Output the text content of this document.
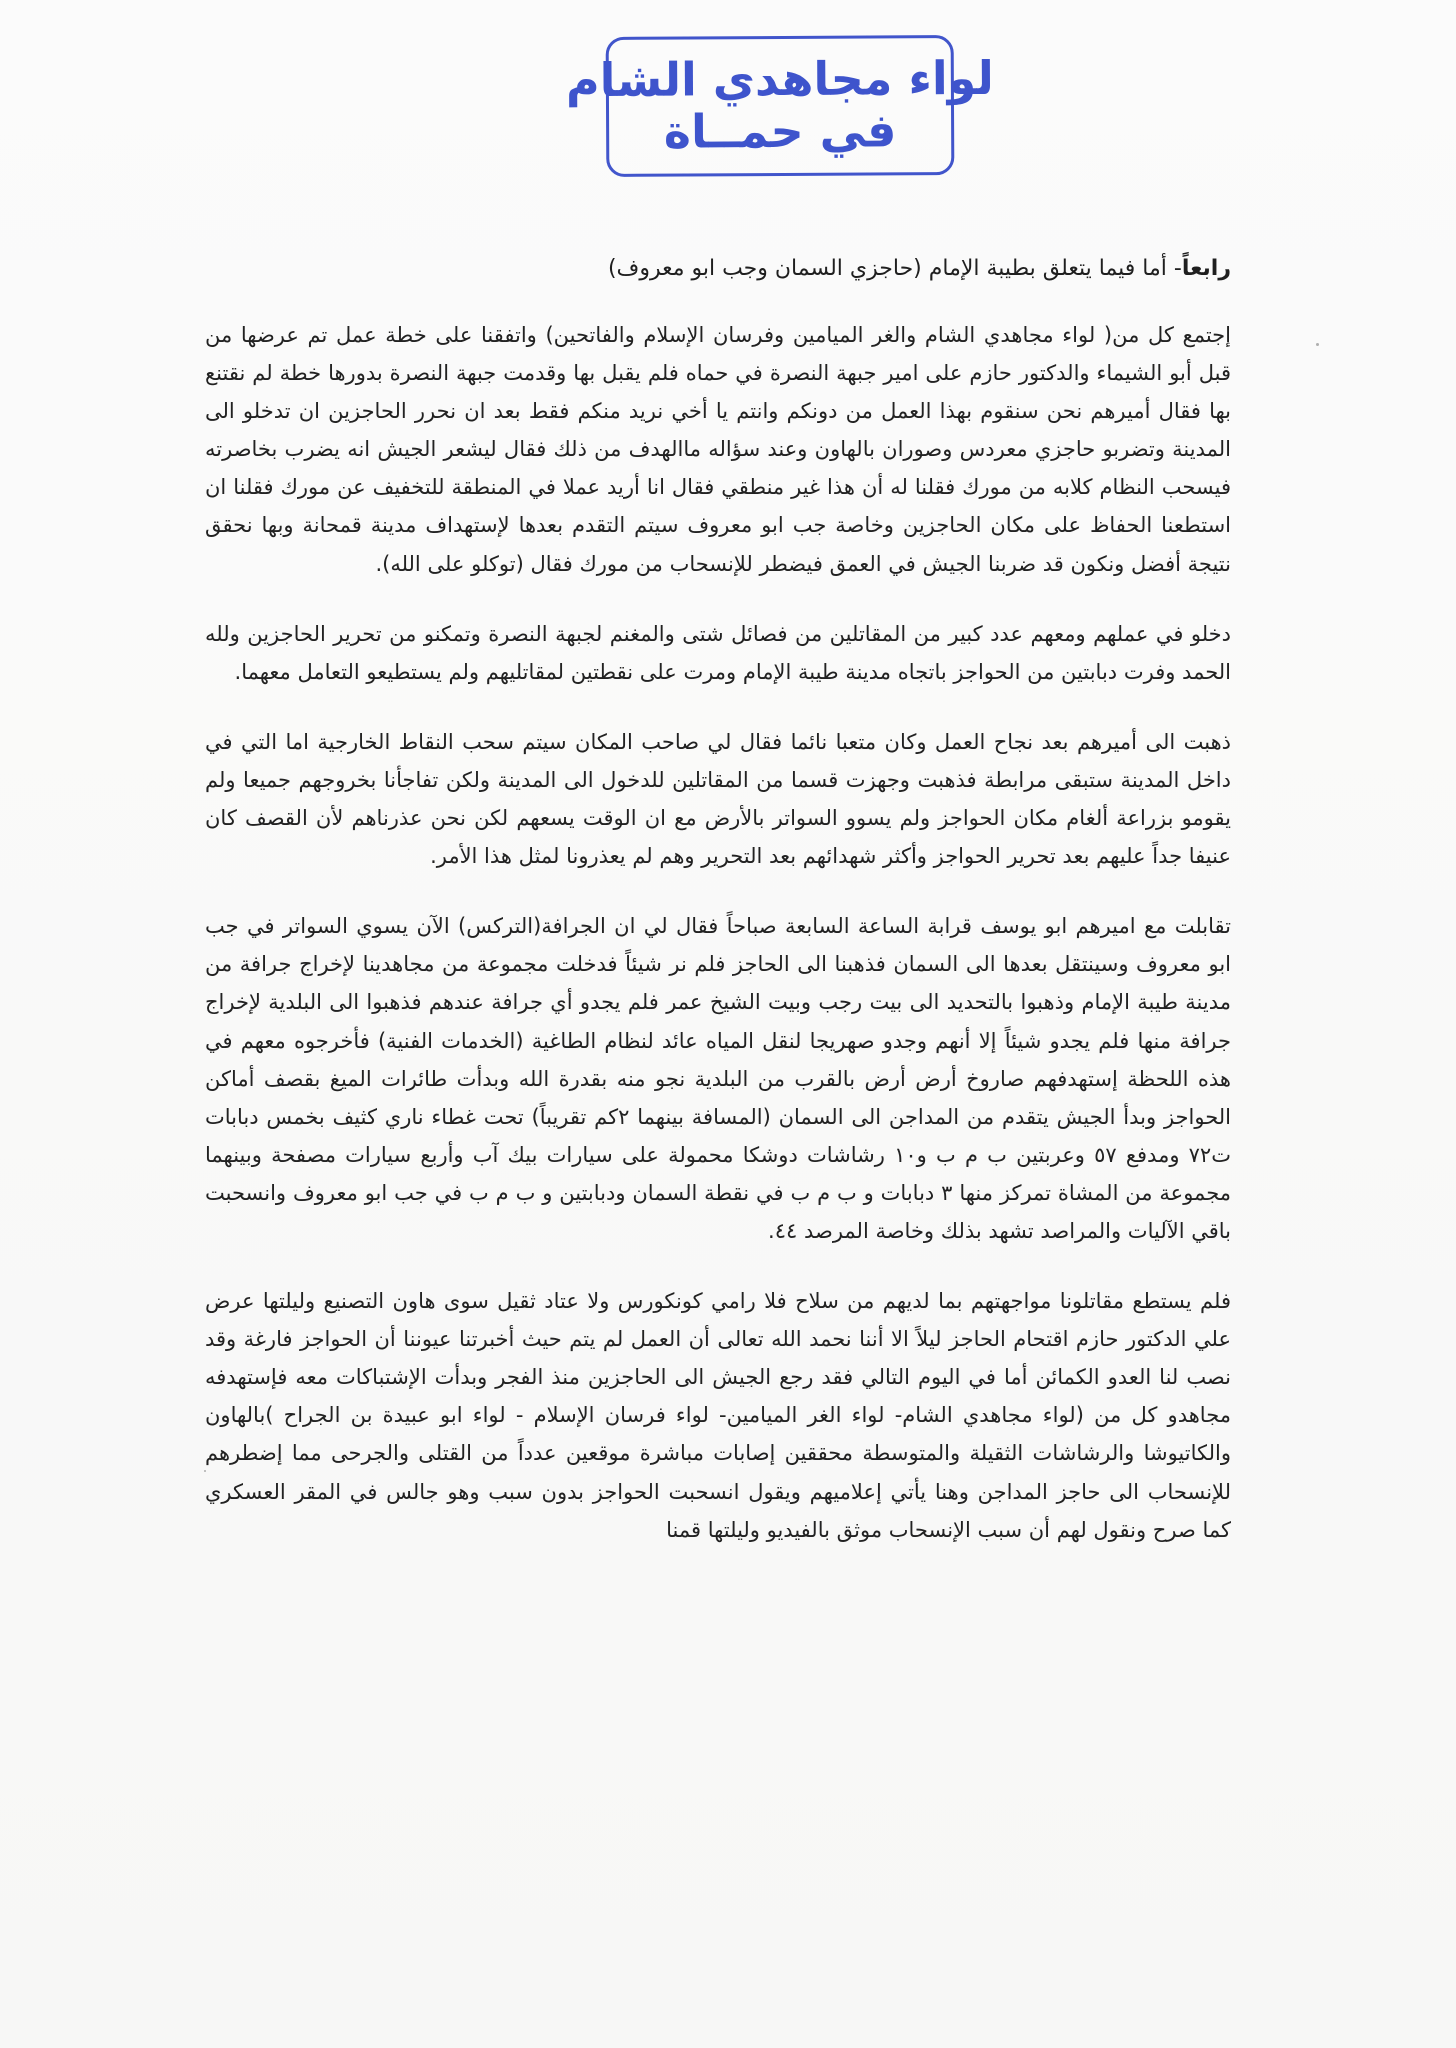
لواء مجاهدي الشام
في حمــاة
رابعاً- أما فيما يتعلق بطيبة الإمام (حاجزي السمان وجب ابو معروف)

إجتمع كل من( لواء مجاهدي الشام والغر الميامين وفرسان الإسلام والفاتحين) واتفقنا على خطة عمل تم عرضها من قبل أبو الشيماء والدكتور حازم على امير جبهة النصرة في حماه فلم يقبل بها وقدمت جبهة النصرة بدورها خطة لم نقتنع بها فقال أميرهم نحن سنقوم بهذا العمل من دونكم وانتم يا أخي نريد منكم فقط بعد ان نحرر الحاجزين ان تدخلو الى المدينة وتضربو حاجزي معردس وصوران بالهاون وعند سؤاله ماالهدف من ذلك فقال ليشعر الجيش انه يضرب بخاصرته فيسحب النظام كلابه من مورك فقلنا له أن هذا غير منطقي فقال انا أريد عملا في المنطقة للتخفيف عن مورك فقلنا ان استطعنا الحفاظ على مكان الحاجزين وخاصة جب ابو معروف سيتم التقدم بعدها لإستهداف مدينة قمحانة وبها نحقق نتيجة أفضل ونكون قد ضربنا الجيش في العمق فيضطر للإنسحاب من مورك فقال (توكلو على الله).

دخلو في عملهم ومعهم عدد كبير من المقاتلين من فصائل شتى والمغنم لجبهة النصرة وتمكنو من تحرير الحاجزين ولله الحمد وفرت دبابتين من الحواجز باتجاه مدينة طيبة الإمام ومرت على نقطتين لمقاتليهم ولم يستطيعو التعامل معهما.

ذهبت الى أميرهم بعد نجاح العمل وكان متعبا نائما فقال لي صاحب المكان سيتم سحب النقاط الخارجية اما التي في داخل المدينة ستبقى مرابطة فذهبت وجهزت قسما من المقاتلين للدخول الى المدينة ولكن تفاجأنا بخروجهم جميعا ولم يقومو بزراعة ألغام مكان الحواجز ولم يسوو السواتر بالأرض مع ان الوقت يسعهم لكن نحن عذرناهم لأن القصف كان عنيفا جداً عليهم بعد تحرير الحواجز وأكثر شهدائهم بعد التحرير وهم لم يعذرونا لمثل هذا الأمر.

تقابلت مع اميرهم ابو يوسف قرابة الساعة السابعة صباحاً فقال لي ان الجرافة(التركس) الآن يسوي السواتر في جب ابو معروف وسينتقل بعدها الى السمان فذهبنا الى الحاجز فلم نر شيئاً فدخلت مجموعة من مجاهدينا لإخراج جرافة من مدينة طيبة الإمام وذهبوا بالتحديد الى بيت رجب وبيت الشيخ عمر فلم يجدو أي جرافة عندهم فذهبوا الى البلدية لإخراج جرافة منها فلم يجدو شيئاً إلا أنهم وجدو صهريجا لنقل المياه عائد لنظام الطاغية (الخدمات الفنية) فأخرجوه معهم في هذه اللحظة إستهدفهم صاروخ أرض أرض بالقرب من البلدية نجو منه بقدرة الله وبدأت طائرات الميغ بقصف أماكن الحواجز وبدأ الجيش يتقدم من المداجن الى السمان (المسافة بينهما ٢كم تقريباً) تحت غطاء ناري كثيف بخمس دبابات ت٧٢ ومدفع ٥٧ وعربتين ب م ب و١٠ رشاشات دوشكا محمولة على سيارات بيك آب وأربع سيارات مصفحة وبينهما مجموعة من المشاة تمركز منها ٣ دبابات و ب م ب في نقطة السمان ودبابتين و ب م ب في جب ابو معروف وانسحبت باقي الآليات والمراصد تشهد بذلك وخاصة المرصد ٤٤.

فلم يستطع مقاتلونا مواجهتهم بما لديهم من سلاح فلا رامي كونكورس ولا عتاد ثقيل سوى هاون التصنيع وليلتها عرض علي الدكتور حازم اقتحام الحاجز ليلاً الا أننا نحمد الله تعالى أن العمل لم يتم حيث أخبرتنا عيوننا أن الحواجز فارغة وقد نصب لنا العدو الكمائن أما في اليوم التالي فقد رجع الجيش الى الحاجزين منذ الفجر وبدأت الإشتباكات معه فإستهدفه مجاهدو كل من (لواء مجاهدي الشام- لواء الغر الميامين- لواء فرسان الإسلام - لواء ابو عبيدة بن الجراح )بالهاون والكاتيوشا والرشاشات الثقيلة والمتوسطة محققين إصابات مباشرة موقعين عدداً من القتلى والجرحى مما إضطرهم للإنسحاب الى حاجز المداجن وهنا يأتي إعلاميهم ويقول انسحبت الحواجز بدون سبب وهو جالس في المقر العسكري كما صرح ونقول لهم أن سبب الإنسحاب موثق بالفيديو وليلتها قمنا
